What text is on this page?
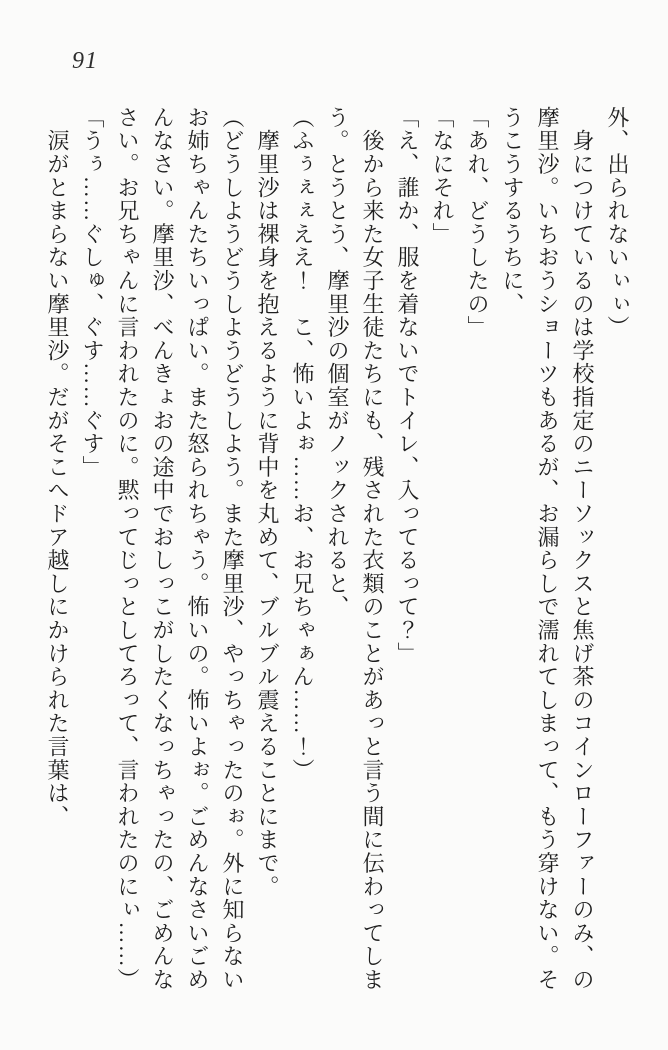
91
外、出られないぃぃ）
　身につけているのは学校指定のニーソックスと焦げ茶のコインローファーのみ、の
摩里沙。いちおうショーツもあるが、お漏らしで濡れてしまって、もう穿けない。そ
うこうするうちに、
「あれ、どうしたの」
「なにそれ」
「え、誰か、服を着ないでトイレ、入ってるって？」
　後から来た女子生徒たちにも、残された衣類のことがあっと言う間に伝わってしま
う。とうとう、摩里沙の個室がノックされると、
（ふぅぇぇええ！　こ、怖いよぉ……お、お兄ちゃぁん……！）
　摩里沙は裸身を抱えるように背中を丸めて、ブルブル震えることにまで。
（どうしようどうしようどうしよう。また摩里沙、やっちゃったのぉ。外に知らない
お姉ちゃんたちいっぱい。また怒られちゃう。怖いの。怖いよぉ。ごめんなさいごめ
んなさい。摩里沙、べんきょおの途中でおしっこがしたくなっちゃったの、ごめんな
さい。お兄ちゃんに言われたのに。黙ってじっとしてろって、言われたのにぃ……）
「うぅ……ぐしゅ、ぐす……ぐす」
　涙がとまらない摩里沙。だがそこへドア越しにかけられた言葉は、
